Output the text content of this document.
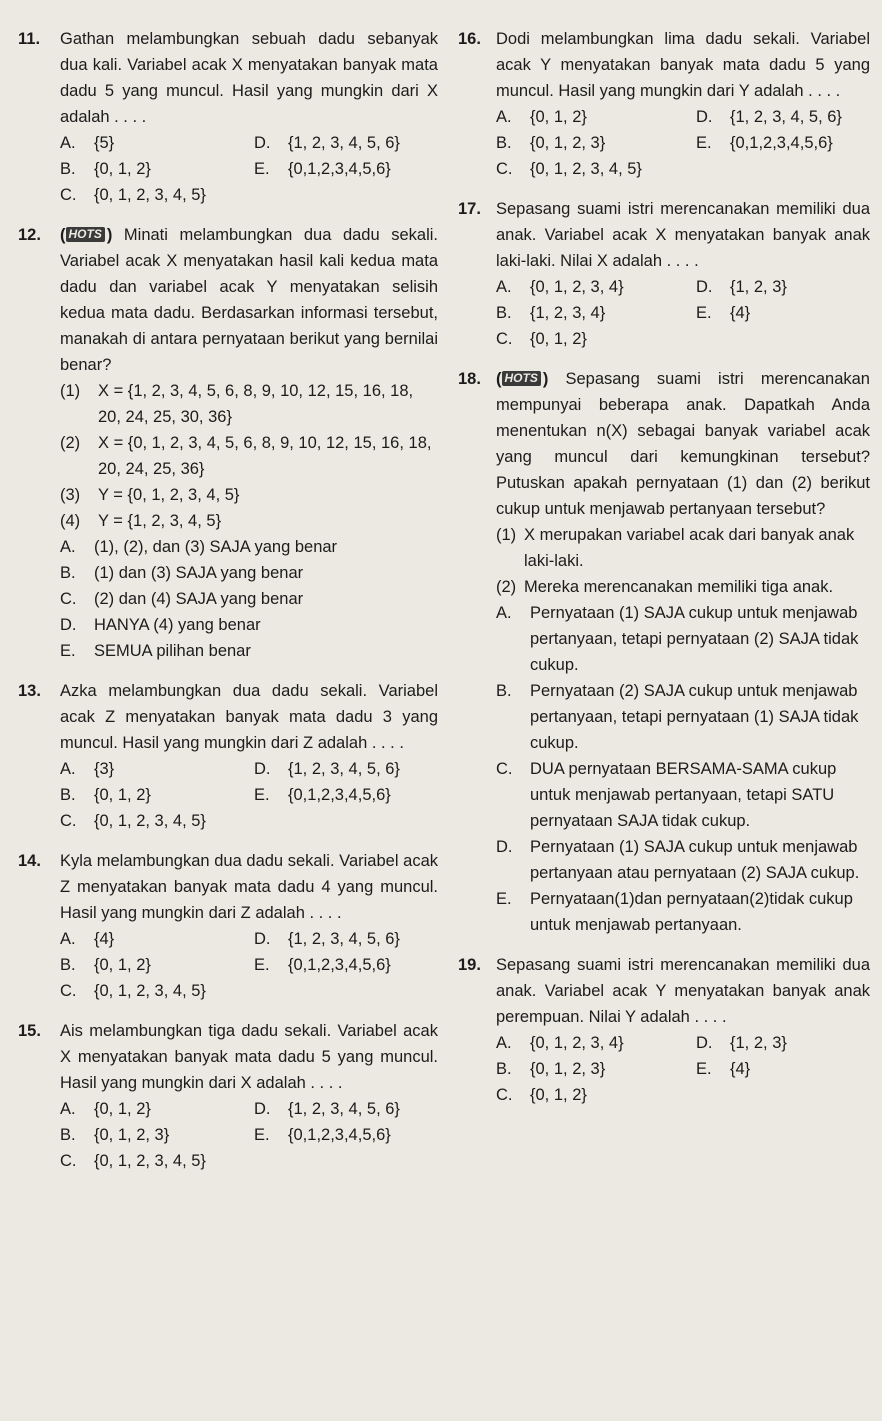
11. Gathan melambungkan sebuah dadu sebanyak dua kali. Variabel acak X menyatakan banyak mata dadu 5 yang muncul. Hasil yang mungkin dari X adalah . . . .
A.	{5}	D.	{1, 2, 3, 4, 5, 6}
B.	{0, 1, 2}	E.	{0,1,2,3,4,5,6}
C.	{0, 1, 2, 3, 4, 5}
12. ( HOTS ) Minati melambungkan dua dadu sekali. Variabel acak X menyatakan hasil kali kedua mata dadu dan variabel acak Y menyatakan selisih kedua mata dadu. Berdasarkan informasi tersebut, manakah di antara pernyataan berikut yang bernilai benar?
(1)	X = {1, 2, 3, 4, 5, 6, 8, 9, 10, 12, 15, 16, 18, 20, 24, 25, 30, 36}
(2)	X = {0, 1, 2, 3, 4, 5, 6, 8, 9, 10, 12, 15, 16, 18, 20, 24, 25, 36}
(3)	Y = {0, 1, 2, 3, 4, 5}
(4)	Y = {1, 2, 3, 4, 5}
A.	(1), (2), dan (3) SAJA yang benar
B.	(1) dan (3) SAJA yang benar
C.	(2) dan (4) SAJA yang benar
D.	HANYA (4) yang benar
E.	SEMUA pilihan benar
13. Azka melambungkan dua dadu sekali. Variabel acak Z menyatakan banyak mata dadu 3 yang muncul. Hasil yang mungkin dari Z adalah . . . .
A.	{3}	D.	{1, 2, 3, 4, 5, 6}
B.	{0, 1, 2}	E.	{0,1,2,3,4,5,6}
C.	{0, 1, 2, 3, 4, 5}
14. Kyla melambungkan dua dadu sekali. Variabel acak Z menyatakan banyak mata dadu 4 yang muncul. Hasil yang mungkin dari Z adalah . . . .
A.	{4}	D.	{1, 2, 3, 4, 5, 6}
B.	{0, 1, 2}	E.	{0,1,2,3,4,5,6}
C.	{0, 1, 2, 3, 4, 5}
15. Ais melambungkan tiga dadu sekali. Variabel acak X menyatakan banyak mata dadu 5 yang muncul. Hasil yang mungkin dari X adalah . . . .
A.	{0, 1, 2}	D.	{1, 2, 3, 4, 5, 6}
B.	{0, 1, 2, 3}	E.	{0,1,2,3,4,5,6}
C.	{0, 1, 2, 3, 4, 5}
16. Dodi melambungkan lima dadu sekali. Variabel acak Y menyatakan banyak mata dadu 5 yang muncul. Hasil yang mungkin dari Y adalah . . . .
A.	{0, 1, 2}	D.	{1, 2, 3, 4, 5, 6}
B.	{0, 1, 2, 3}	E.	{0,1,2,3,4,5,6}
C.	{0, 1, 2, 3, 4, 5}
17. Sepasang suami istri merencanakan memiliki dua anak. Variabel acak X menyatakan banyak anak laki-laki. Nilai X adalah . . . .
A.	{0, 1, 2, 3, 4}	D.	{1, 2, 3}
B.	{1, 2, 3, 4}	E.	{4}
C.	{0, 1, 2}
18. ( HOTS ) Sepasang suami istri merencanakan mempunyai beberapa anak. Dapatkah Anda menentukan n(X) sebagai banyak variabel acak yang muncul dari kemungkinan tersebut? Putuskan apakah pernyataan (1) dan (2) berikut cukup untuk menjawab pertanyaan tersebut?
(1) X merupakan variabel acak dari banyak anak laki-laki.
(2) Mereka merencanakan memiliki tiga anak.
A.	Pernyataan (1) SAJA cukup untuk menjawab pertanyaan, tetapi pernyataan (2) SAJA tidak cukup.
B.	Pernyataan (2) SAJA cukup untuk menjawab pertanyaan, tetapi pernyataan (1) SAJA tidak cukup.
C.	DUA pernyataan BERSAMA-SAMA cukup untuk menjawab pertanyaan, tetapi SATU pernyataan SAJA tidak cukup.
D.	Pernyataan (1) SAJA cukup untuk menjawab pertanyaan atau pernyataan (2) SAJA cukup.
E.	Pernyataan(1)dan pernyataan(2)tidak cukup untuk menjawab pertanyaan.
19. Sepasang suami istri merencanakan memiliki dua anak. Variabel acak Y menyatakan banyak anak perempuan. Nilai Y adalah . . . .
A.	{0, 1, 2, 3, 4}	D.	{1, 2, 3}
B.	{0, 1, 2, 3}	E.	{4}
C.	{0, 1, 2}
